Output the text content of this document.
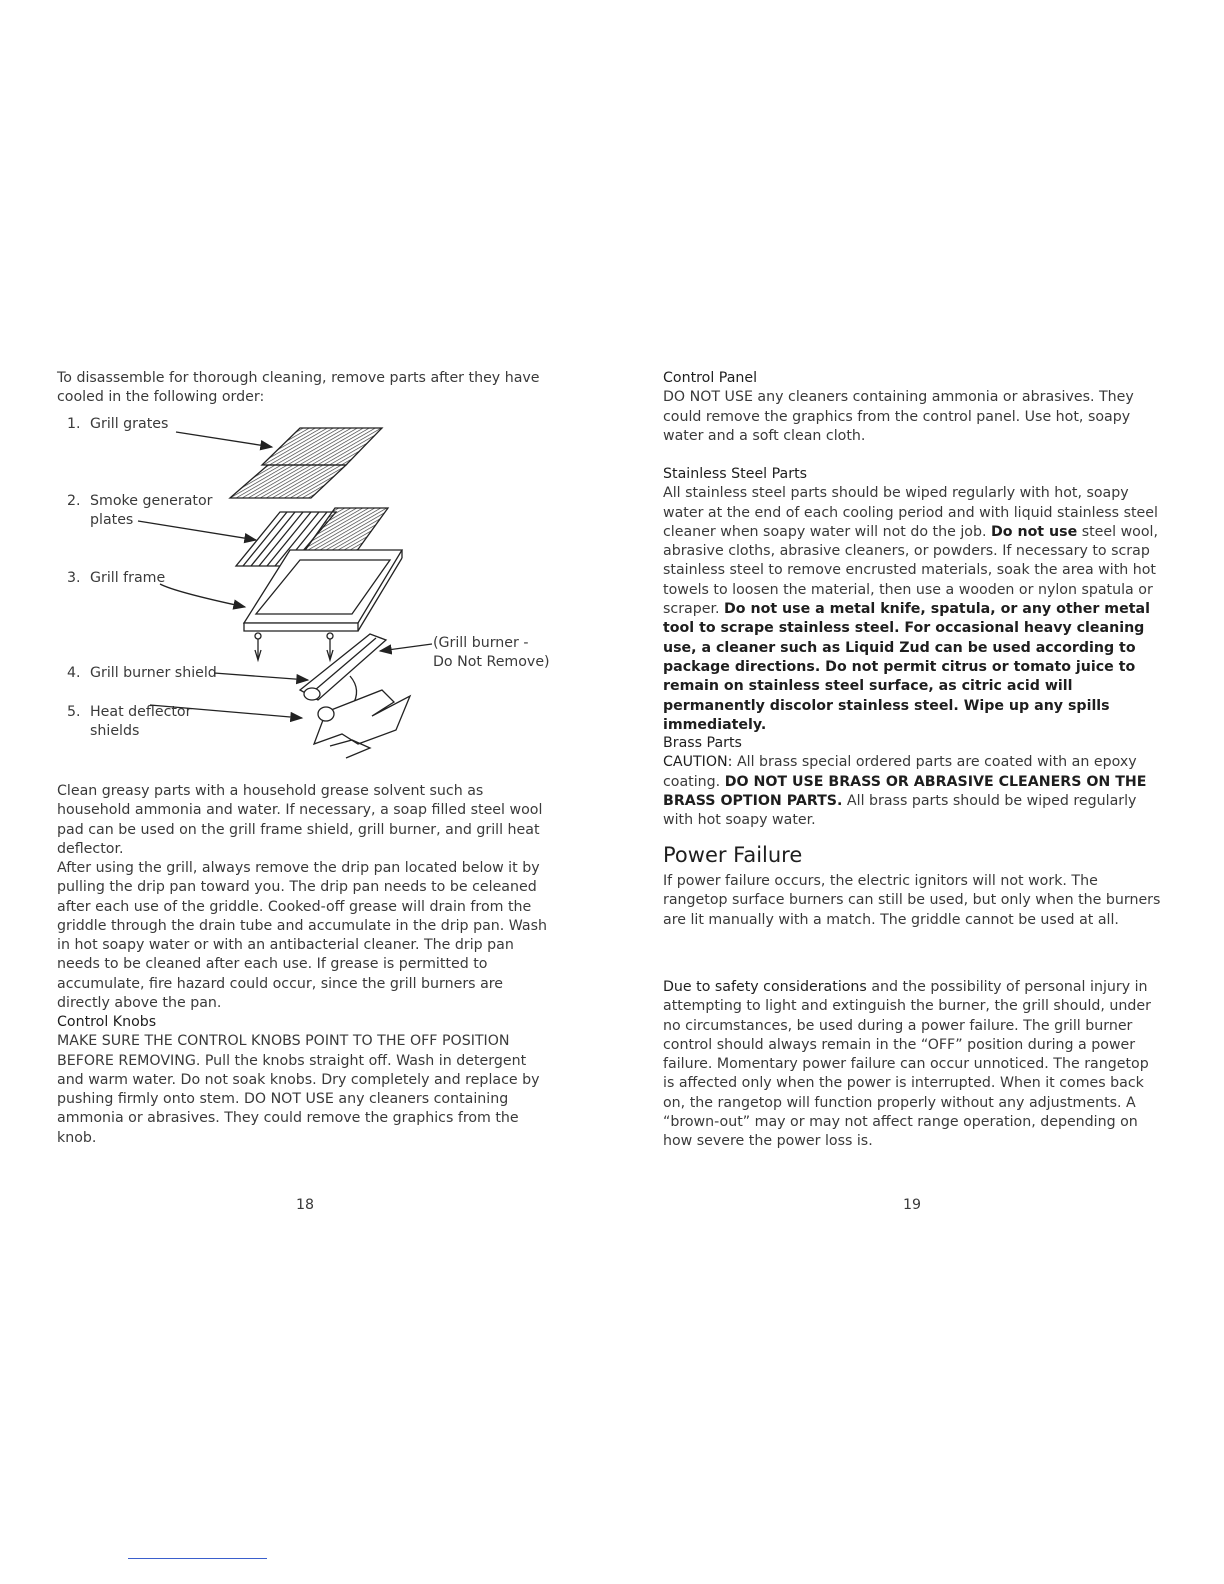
To disassemble for thorough cleaning, remove parts after they have cooled in the following order:

1. Grill grates
2. Smoke generator
plates
3. Grill frame
4. Grill burner shield
5. Heat deflector
shields
(Grill burner -
Do Not Remove)

Clean greasy parts with a household grease solvent such as household ammonia and water. If necessary, a soap filled steel wool pad can be used on the grill frame shield, grill burner, and grill heat deflector.

After using the grill, always remove the drip pan located below it by pulling the drip pan toward you. The drip pan needs to be celeaned after each use of the griddle. Cooked-off grease will drain from the griddle through the drain tube and accumulate in the drip pan. Wash in hot soapy water or with an antibacterial cleaner. The drip pan needs to be cleaned after each use. If grease is permitted to accumulate, fire hazard could occur, since the grill burners are directly above the pan.

Control Knobs

MAKE SURE THE CONTROL KNOBS POINT TO THE OFF POSITION BEFORE REMOVING. Pull the knobs straight off. Wash in detergent and warm water. Do not soak knobs. Dry completely and replace by pushing firmly onto stem. DO NOT USE any cleaners containing ammonia or abrasives. They could remove the graphics from the knob.

18

Control Panel

DO NOT USE any cleaners containing ammonia or abrasives. They could remove the graphics from the control panel. Use hot, soapy water and a soft clean cloth.

Stainless Steel Parts

All stainless steel parts should be wiped regularly with hot, soapy water at the end of each cooling period and with liquid stainless steel cleaner when soapy water will not do the job. Do not use steel wool, abrasive cloths, abrasive cleaners, or powders. If necessary to scrap stainless steel to remove encrusted materials, soak the area with hot towels to loosen the material, then use a wooden or nylon spatula or scraper. Do not use a metal knife, spatula, or any other metal tool to scrape stainless steel. For occasional heavy cleaning use, a cleaner such as Liquid Zud can be used according to package directions. Do not permit citrus or tomato juice to remain on stainless steel surface, as citric acid will permanently discolor stainless steel. Wipe up any spills immediately.

Brass Parts

CAUTION: All brass special ordered parts are coated with an epoxy coating. DO NOT USE BRASS OR ABRASIVE CLEANERS ON THE BRASS OPTION PARTS. All brass parts should be wiped regularly with hot soapy water.

Power Failure

If power failure occurs, the electric ignitors will not work. The rangetop surface burners can still be used, but only when the burners are lit manually with a match. The griddle cannot be used at all.

Due to safety considerations and the possibility of personal injury in attempting to light and extinguish the burner, the grill should, under no circumstances, be used during a power failure. The grill burner control should always remain in the “OFF” position during a power failure. Momentary power failure can occur unnoticed. The rangetop is affected only when the power is interrupted. When it comes back on, the rangetop will function properly without any adjustments. A “brown-out” may or may not affect range operation, depending on how severe the power loss is.

19
